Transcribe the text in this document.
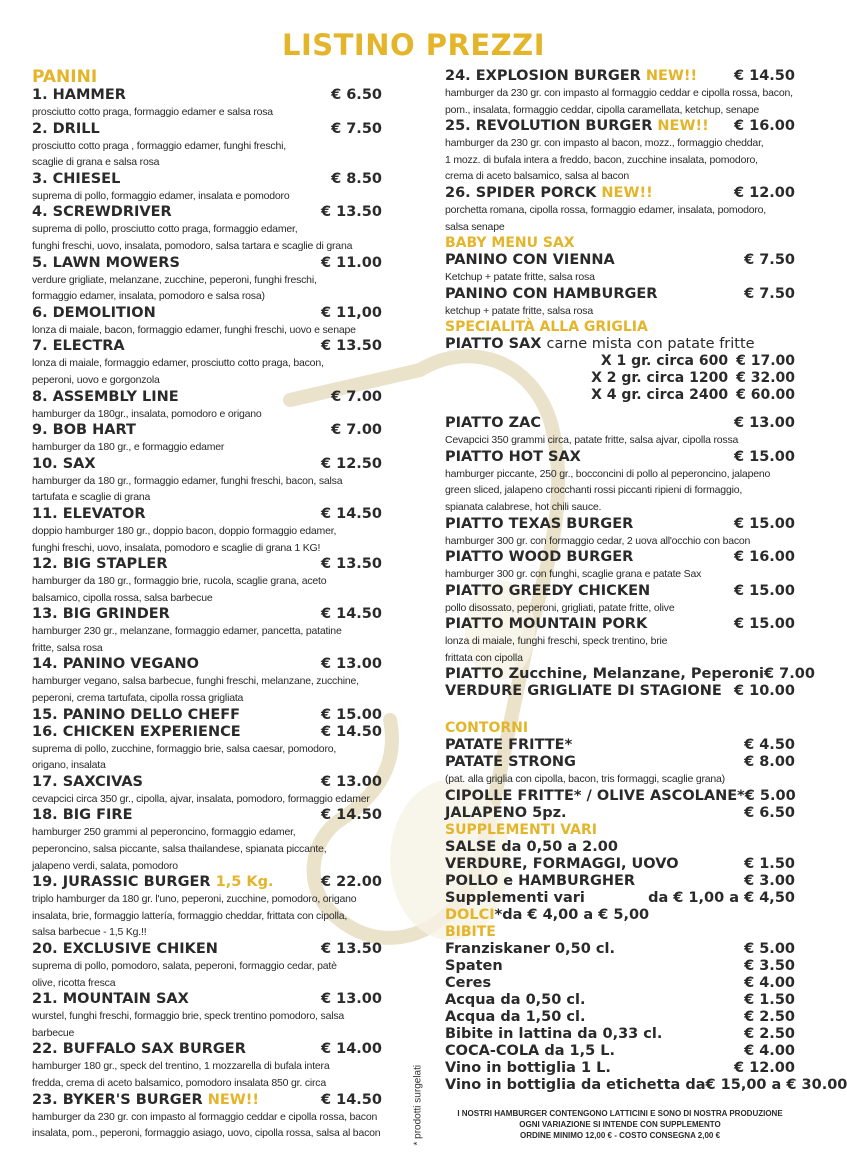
LISTINO PREZZI
PANINI
1. HAMMER	€ 6.50
prosciutto cotto praga, formaggio edamer e salsa rosa
2. DRILL	€ 7.50
prosciutto cotto praga , formaggio edamer, funghi freschi,
scaglie di grana e salsa rosa
3. CHIESEL	€ 8.50
suprema di pollo, formaggio edamer, insalata e pomodoro
4. SCREWDRIVER	€ 13.50
suprema di pollo, prosciutto cotto praga, formaggio edamer,
funghi freschi, uovo, insalata, pomodoro, salsa tartara e scaglie di grana
5. LAWN MOWERS	€ 11.00
verdure grigliate, melanzane, zucchine, peperoni, funghi freschi,
formaggio edamer, insalata, pomodoro e salsa rosa)
6. DEMOLITION	€ 11,00
lonza di maiale, bacon, formaggio edamer, funghi freschi, uovo e senape
7. ELECTRA	€ 13.50
lonza di maiale, formaggio edamer, prosciutto cotto praga, bacon,
peperoni, uovo e gorgonzola
8. ASSEMBLY LINE	€ 7.00
hamburger da 180gr., insalata, pomodoro e origano
9. BOB HART	€ 7.00
hamburger da 180 gr., e formaggio edamer
10. SAX	€ 12.50
hamburger da 180 gr., formaggio edamer, funghi freschi, bacon, salsa
tartufata e scaglie di grana
11. ELEVATOR	€ 14.50
doppio hamburger 180 gr., doppio bacon, doppio formaggio edamer,
funghi freschi, uovo, insalata, pomodoro e scaglie di grana 1 KG!
12. BIG STAPLER	€ 13.50
hamburger da 180 gr., formaggio brie, rucola, scaglie grana, aceto
balsamico, cipolla rossa, salsa barbecue
13. BIG GRINDER	€ 14.50
hamburger 230 gr., melanzane, formaggio edamer, pancetta, patatine
fritte, salsa rosa
14. PANINO VEGANO	€ 13.00
hamburger vegano, salsa barbecue, funghi freschi, melanzane, zucchine,
peperoni, crema tartufata, cipolla rossa grigliata
15. PANINO DELLO CHEFF	€ 15.00
16. CHICKEN EXPERIENCE	€ 14.50
suprema di pollo, zucchine, formaggio brie, salsa caesar, pomodoro,
origano, insalata
17. SAXCIVAS	€ 13.00
cevapcici circa 350 gr., cipolla, ajvar, insalata, pomodoro, formaggio edamer
18. BIG FIRE	€ 14.50
hamburger 250 grammi al peperoncino, formaggio edamer,
peperoncino, salsa piccante, salsa thailandese, spianata piccante,
jalapeno verdi, salata, pomodoro
19. JURASSIC BURGER 1,5 Kg.	€ 22.00
triplo hamburger da 180 gr. l'uno, peperoni, zucchine, pomodoro, origano
insalata, brie, formaggio lattería, formaggio cheddar, frittata con cipolla,
salsa barbecue - 1,5 Kg.!!
20. EXCLUSIVE CHIKEN	€ 13.50
suprema di pollo, pomodoro, salata, peperoni, formaggio cedar, patè
olive, ricotta fresca
21. MOUNTAIN SAX	€ 13.00
wurstel, funghi freschi, formaggio brie, speck trentino pomodoro, salsa
barbecue
22. BUFFALO SAX BURGER	€ 14.00
hamburger 180 gr., speck del trentino, 1 mozzarella di bufala intera
fredda, crema di aceto balsamico, pomodoro insalata 850 gr. circa
23. BYKER'S BURGER NEW!!	€ 14.50
hamburger da 230 gr. con impasto al formaggio ceddar e cipolla rossa, bacon
insalata, pom., peperoni, formaggio asiago, uovo, cipolla rossa, salsa al bacon
24. EXPLOSION BURGER NEW!!	€ 14.50
hamburger da 230 gr. con impasto al formaggio ceddar e cipolla rossa, bacon,
pom., insalata, formaggio ceddar, cipolla caramellata, ketchup, senape
25. REVOLUTION BURGER NEW!! € 16.00
hamburger da 230 gr. con impasto al bacon, mozz., formaggio cheddar,
1 mozz. di bufala intera a freddo, bacon, zucchine insalata, pomodoro,
crema di aceto balsamico, salsa al bacon
26. SPIDER PORCK NEW!!	€ 12.00
porchetta romana, cipolla rossa, formaggio edamer, insalata, pomodoro,
salsa senape
BABY MENU SAX
PANINO CON VIENNA	€ 7.50
Ketchup + patate fritte, salsa rosa
PANINO CON HAMBURGER	€ 7.50
ketchup + patate fritte, salsa rosa
SPECIALITÀ ALLA GRIGLIA
PIATTO SAX carne mista con patate fritte
X 1 gr. circa 600 € 17.00
X 2 gr. circa 1200 € 32.00
X 4 gr. circa 2400 € 60.00
PIATTO ZAC	€ 13.00
Cevapcici 350 grammi circa, patate fritte, salsa ajvar, cipolla rossa
PIATTO HOT SAX	€ 15.00
hamburger piccante, 250 gr., bocconcini di pollo al peperoncino, jalapeno
green sliced, jalapeno crocchanti rossi piccanti ripieni di formaggio,
spianata calabrese, hot chili sauce.
PIATTO TEXAS BURGER	€ 15.00
hamburger 300 gr. con formaggio cedar, 2 uova all'occhio con bacon
PIATTO WOOD BURGER	€ 16.00
hamburger 300 gr. con funghi, scaglie grana e patate Sax
PIATTO GREEDY CHICKEN	€ 15.00
pollo disossato, peperoni, grigliati, patate fritte, olive
PIATTO MOUNTAIN PORK	€ 15.00
lonza di maiale, funghi freschi, speck trentino, brie
frittata con cipolla
PIATTO Zucchine, Melanzane, Peperoni € 7.00
VERDURE GRIGLIATE DI STAGIONE € 10.00
CONTORNI
PATATE FRITTE*	€ 4.50
PATATE STRONG	€ 8.00
(pat. alla griglia con cipolla, bacon, tris formaggi, scaglie grana)
CIPOLLE FRITTE* / OLIVE ASCOLANE* € 5.00
JALAPENO 5pz.	€ 6.50
SUPPLEMENTI VARI
SALSE da 0,50 a 2.00
VERDURE, FORMAGGI, UOVO	€ 1.50
POLLO e HAMBURGHER	€ 3.00
Supplementi vari	da € 1,00 a € 4,50
DOLCI*da € 4,00 a € 5,00
BIBITE
Franziskaner 0,50 cl.	€ 5.00
Spaten	€ 3.50
Ceres	€ 4.00
Acqua da 0,50 cl.	€ 1.50
Acqua da 1,50 cl.	€ 2.50
Bibite in lattina da 0,33 cl.	€ 2.50
COCA-COLA da 1,5 L.	€ 4.00
Vino in bottiglia 1 L.	€ 12.00
Vino in bottiglia da etichetta da € 15,00 a € 30.00
* prodotti surgelati	I NOSTRI HAMBURGER CONTENGONO LATTICINI E SONO DI NOSTRA PRODUZIONE
OGNI VARIAZIONE SI INTENDE CON SUPPLEMENTO
ORDINE MINIMO 12,00 € - COSTO CONSEGNA 2,00 €
